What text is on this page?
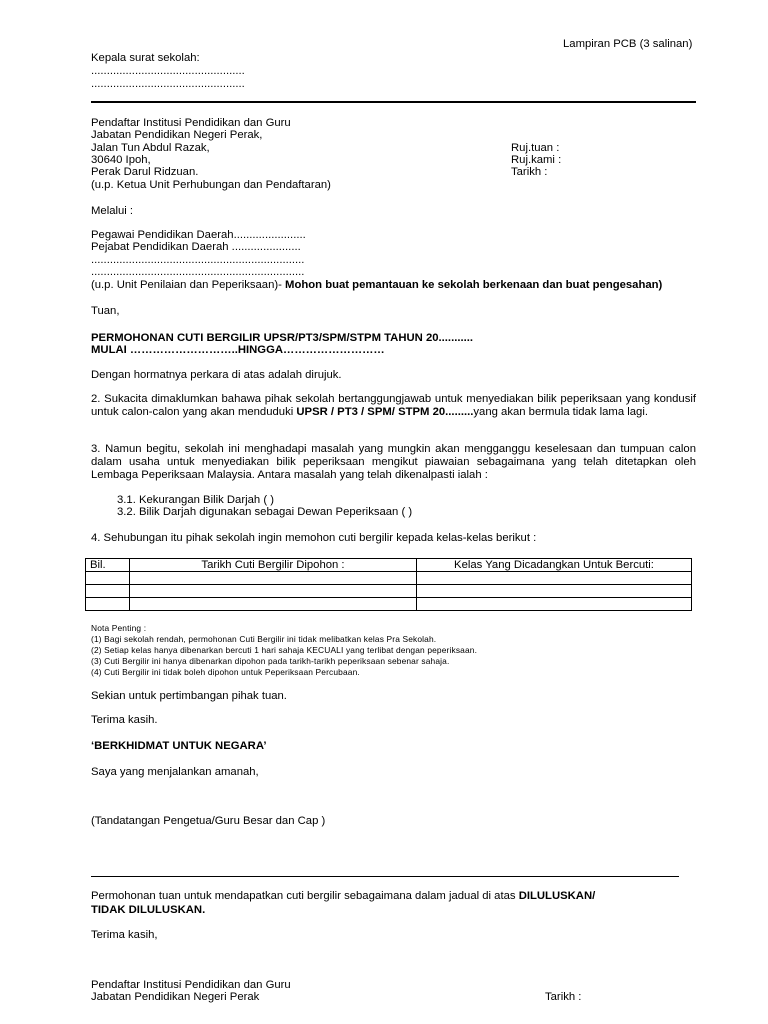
Lampiran PCB (3 salinan)
Kepala surat sekolah:
.................................................
.................................................
Pendaftar Institusi Pendidikan dan Guru
Jabatan Pendidikan Negeri Perak,
Jalan Tun Abdul Razak,
30640 Ipoh,
Perak Darul Ridzuan.
(u.p. Ketua Unit Perhubungan dan Pendaftaran)
Ruj.tuan :
Ruj.kami :
Tarikh :
Melalui :
Pegawai Pendidikan Daerah.......................
Pejabat Pendidikan Daerah ......................
....................................................................
....................................................................
(u.p. Unit Penilaian dan Peperiksaan)- Mohon buat pemantauan ke sekolah berkenaan dan buat pengesahan)
Tuan,
PERMOHONAN CUTI BERGILIR UPSR/PT3/SPM/STPM TAHUN 20...........
MULAI ………………………..HINGGA………………………
Dengan hormatnya perkara di atas adalah dirujuk.
2. Sukacita dimaklumkan bahawa pihak sekolah bertanggungjawab untuk menyediakan bilik peperiksaan yang kondusif untuk calon-calon yang akan menduduki UPSR / PT3 / SPM/ STPM 20.........yang akan bermula tidak lama lagi.
3. Namun begitu, sekolah ini menghadapi masalah yang mungkin akan mengganggu keselesaan dan tumpuan calon dalam usaha untuk menyediakan bilik peperiksaan mengikut piawaian sebagaimana yang telah ditetapkan oleh Lembaga Peperiksaan Malaysia. Antara masalah yang telah dikenalpasti ialah :
3.1. Kekurangan Bilik Darjah ( )
3.2. Bilik Darjah digunakan sebagai Dewan Peperiksaan ( )
4. Sehubungan itu pihak sekolah ingin memohon cuti bergilir kepada kelas-kelas berikut :
Bil.	Tarikh Cuti Bergilir Dipohon :	Kelas Yang Dicadangkan Untuk Bercuti:

Nota Penting :
(1) Bagi sekolah rendah, permohonan Cuti Bergilir ini tidak melibatkan kelas Pra Sekolah.
(2) Setiap kelas hanya dibenarkan bercuti 1 hari sahaja KECUALI yang terlibat dengan peperiksaan.
(3) Cuti Bergilir ini hanya dibenarkan dipohon pada tarikh-tarikh peperiksaan sebenar sahaja.
(4) Cuti Bergilir ini tidak boleh dipohon untuk Peperiksaan Percubaan.
Sekian untuk pertimbangan pihak tuan.
Terima kasih.
‘BERKHIDMAT UNTUK NEGARA’
Saya yang menjalankan amanah,
(Tandatangan Pengetua/Guru Besar dan Cap )
Permohonan tuan untuk mendapatkan cuti bergilir sebagaimana dalam jadual di atas DILULUSKAN/
TIDAK DILULUSKAN.
Terima kasih,
Pendaftar Institusi Pendidikan dan Guru
Jabatan Pendidikan Negeri Perak	Tarikh :
